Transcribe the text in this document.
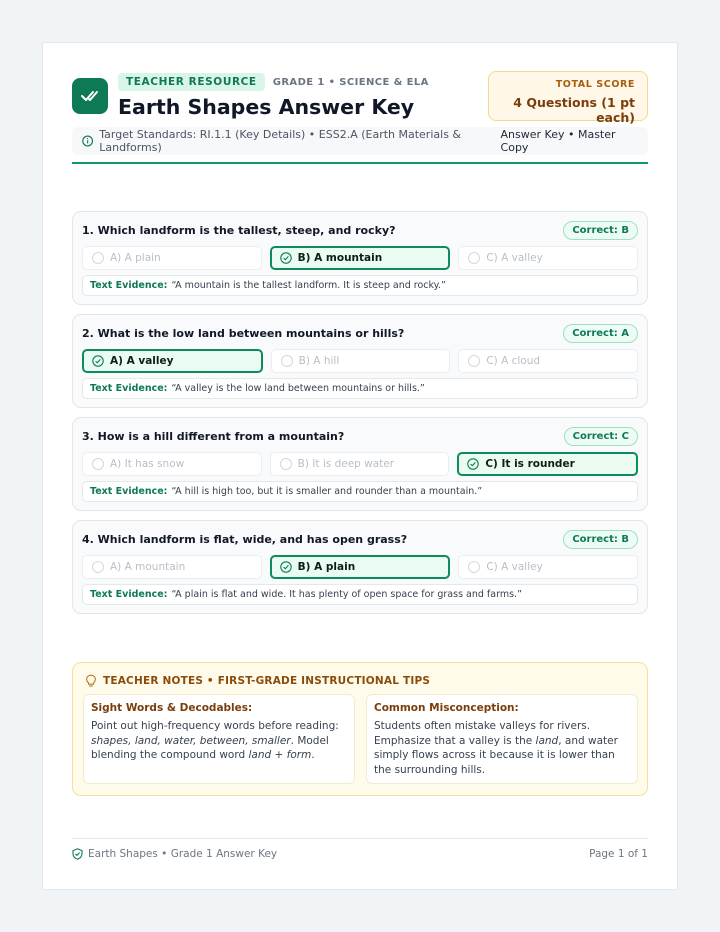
TEACHER RESOURCE	GRADE 1 • SCIENCE & ELA
Earth Shapes Answer Key
TOTAL SCORE
4 Questions (1 pt each)
Target Standards: RI.1.1 (Key Details) • ESS2.A (Earth Materials & Landforms)
Answer Key • Master Copy
1. Which landform is the tallest, steep, and rocky?	Correct: B
A) A plain	B) A mountain	C) A valley
Text Evidence: “A mountain is the tallest landform. It is steep and rocky.”
2. What is the low land between mountains or hills?	Correct: A
A) A valley	B) A hill	C) A cloud
Text Evidence: “A valley is the low land between mountains or hills.”
3. How is a hill different from a mountain?	Correct: C
A) It has snow	B) It is deep water	C) It is rounder
Text Evidence: “A hill is high too, but it is smaller and rounder than a mountain.”
4. Which landform is flat, wide, and has open grass?	Correct: B
A) A mountain	B) A plain	C) A valley
Text Evidence: “A plain is flat and wide. It has plenty of open space for grass and farms.”
TEACHER NOTES • FIRST-GRADE INSTRUCTIONAL TIPS
Sight Words & Decodables:
Point out high-frequency words before reading: shapes, land, water, between, smaller. Model blending the compound word land + form.
Common Misconception:
Students often mistake valleys for rivers. Emphasize that a valley is the land, and water simply flows across it because it is lower than the surrounding hills.
Earth Shapes • Grade 1 Answer Key	Page 1 of 1
